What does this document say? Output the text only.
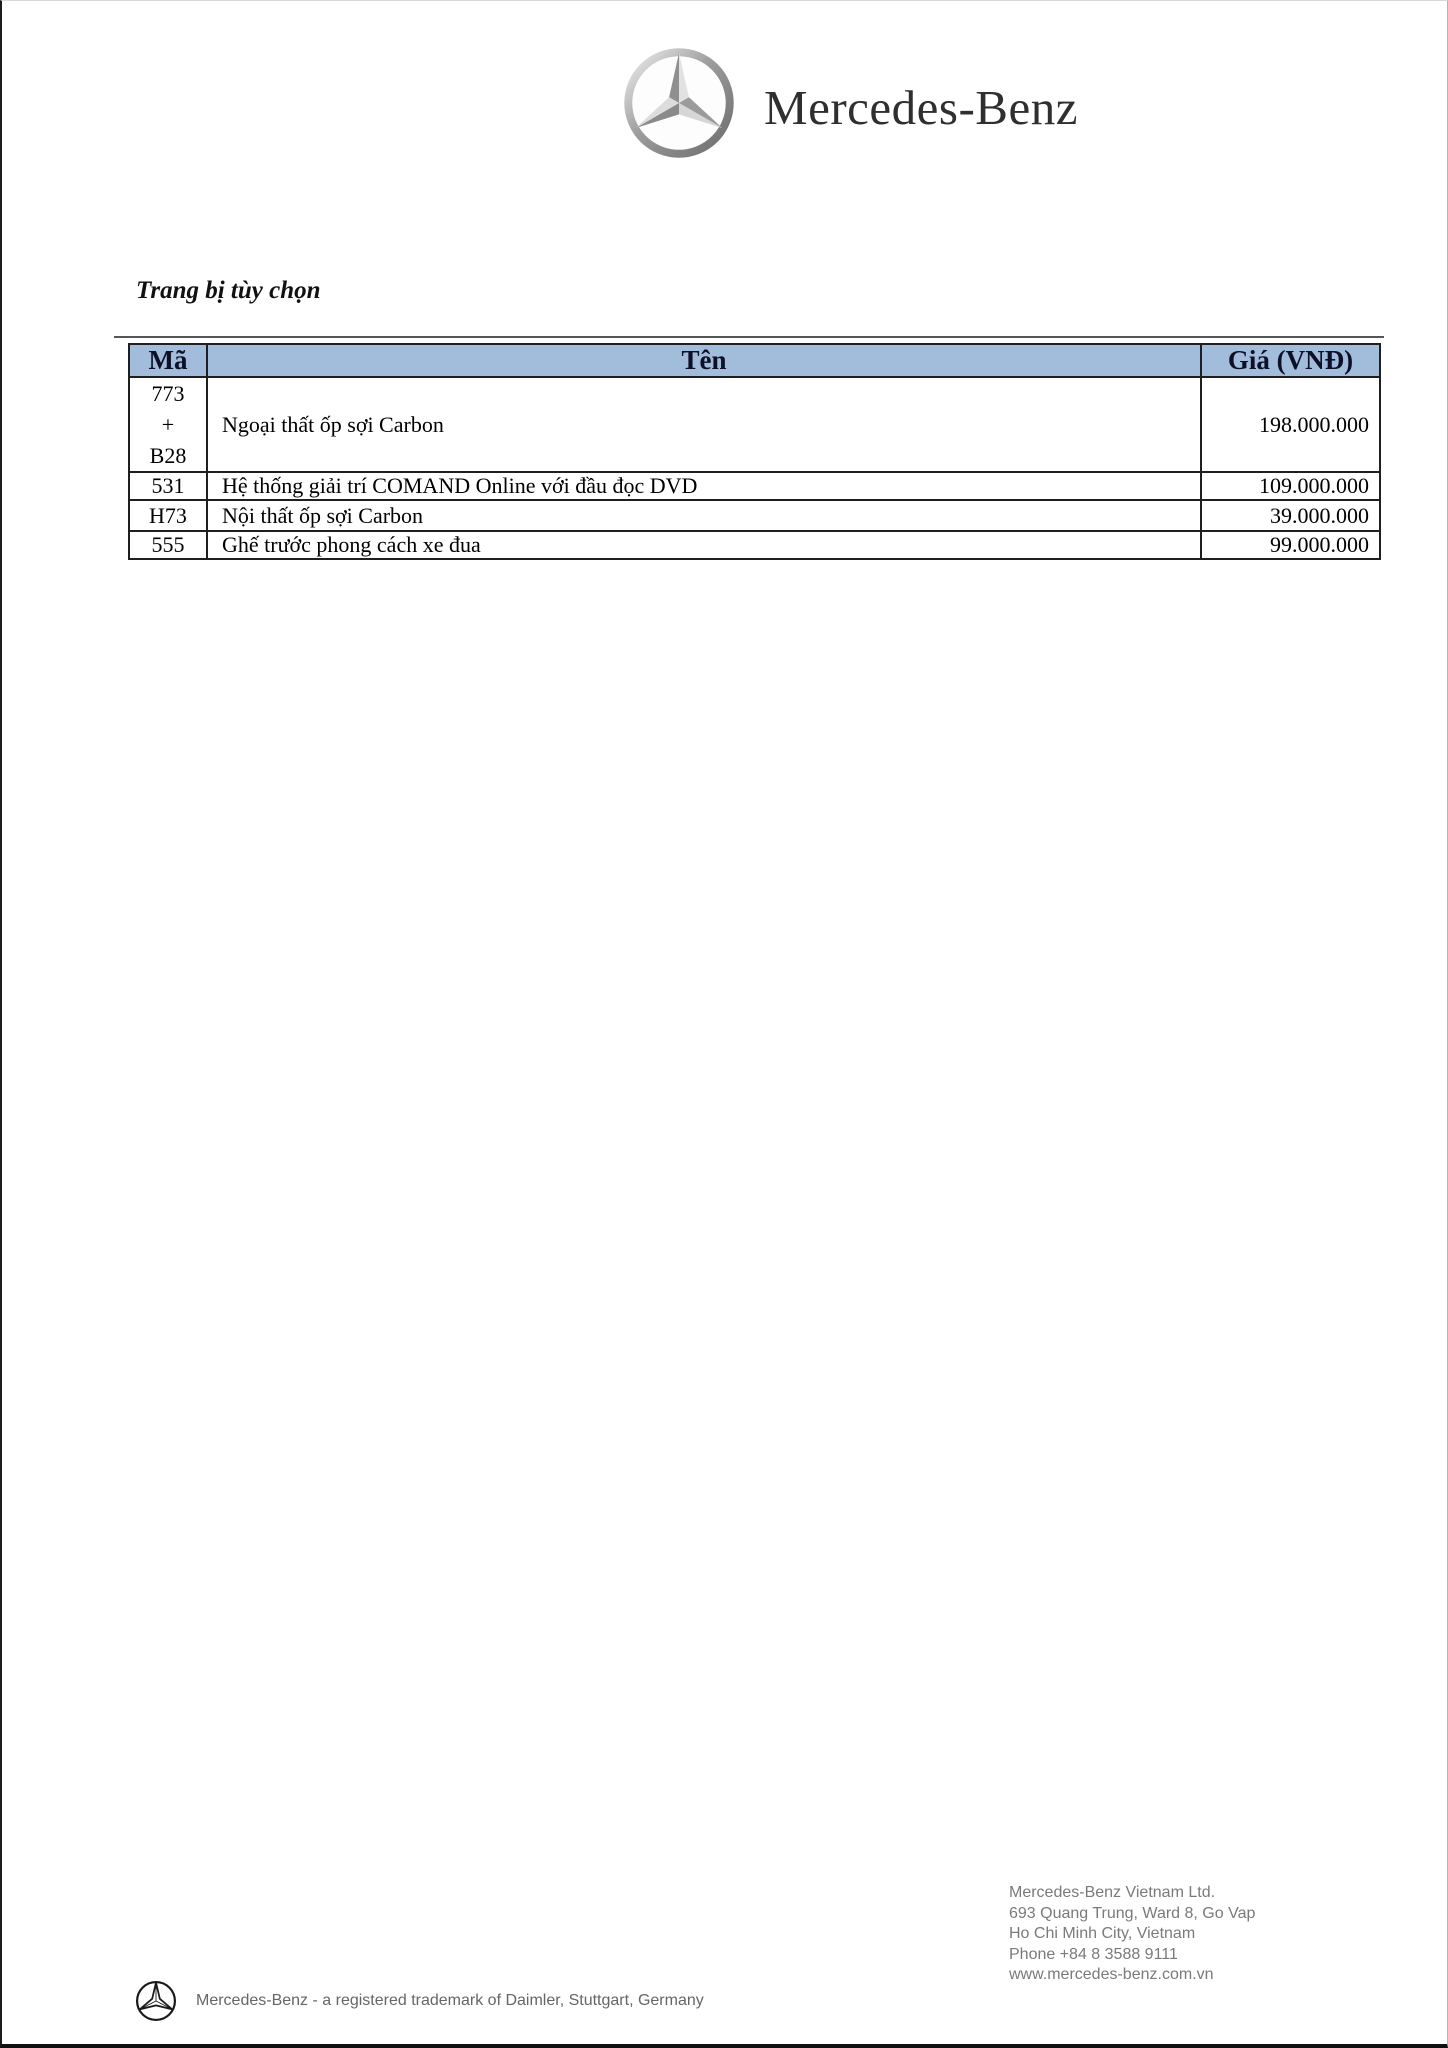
Mercedes-Benz
Trang bị tùy chọn
Mã	Tên	Giá (VNĐ)

773
+
B28	Ngoại thất ốp sợi Carbon	198.000.000
531	Hệ thống giải trí COMAND Online với đầu đọc DVD	109.000.000
H73	Nội thất ốp sợi Carbon	39.000.000
555	Ghế trước phong cách xe đua	99.000.000
Mercedes-Benz Vietnam Ltd.
693 Quang Trung, Ward 8, Go Vap
Ho Chi Minh City, Vietnam
Phone +84 8 3588 9111
www.mercedes-benz.com.vn
Mercedes-Benz - a registered trademark of Daimler, Stuttgart, Germany
